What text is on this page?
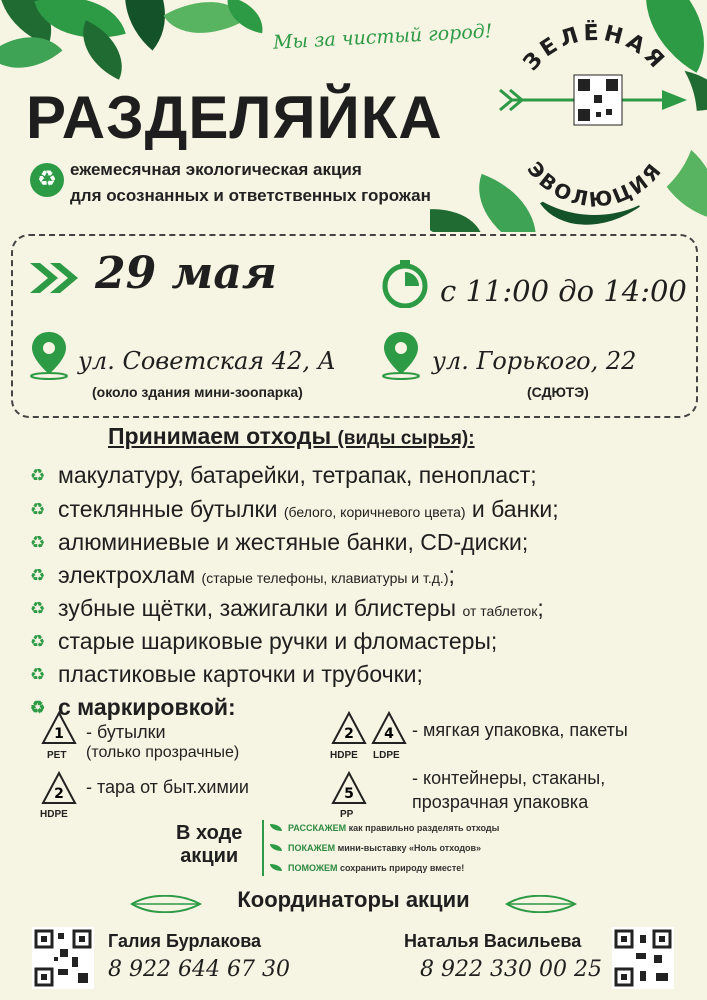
ЗЕЛЁНАЯ
ЭВОЛЮЦИЯ
Мы за чистый город!
РАЗДЕЛЯЙКА
♻ ежемесячная экологическая акция
для осознанных и ответственных горожан
29 мая	с 11:00 до 14:00
ул. Советская 42, А
(около здания мини-зоопарка)
ул. Горького, 22
(СДЮТЭ)
Принимаем отходы (виды сырья):
♻ макулатуру, батарейки, тетрапак, пенопласт;
♻ стеклянные бутылки (белого, коричневого цвета) и банки;
♻ алюминиевые и жестяные банки, CD-диски;
♻ электрохлам (старые телефоны, клавиатуры и т.д.);
♻ зубные щётки, зажигалки и блистеры от таблеток;
♻ старые шариковые ручки и фломастеры;
♻ пластиковые карточки и трубочки;
♻ с маркировкой:
1
PET
- бутылки
(только прозрачные)
2
HDPE
- тара от быт.химии
2
HDPE
4
LDPE
- мягкая упаковка, пакеты
5
PP
- контейнеры, стаканы,
прозрачная упаковка
В ходе
акции
РАССКАЖЕМ как правильно разделять отходы
ПОКАЖЕМ мини-выставку «Ноль отходов»
ПОМОЖЕМ сохранить природу вместе!
Координаторы акции
Галия Бурлакова
8 922 644 67 30
Наталья Васильева
8 922 330 00 25
